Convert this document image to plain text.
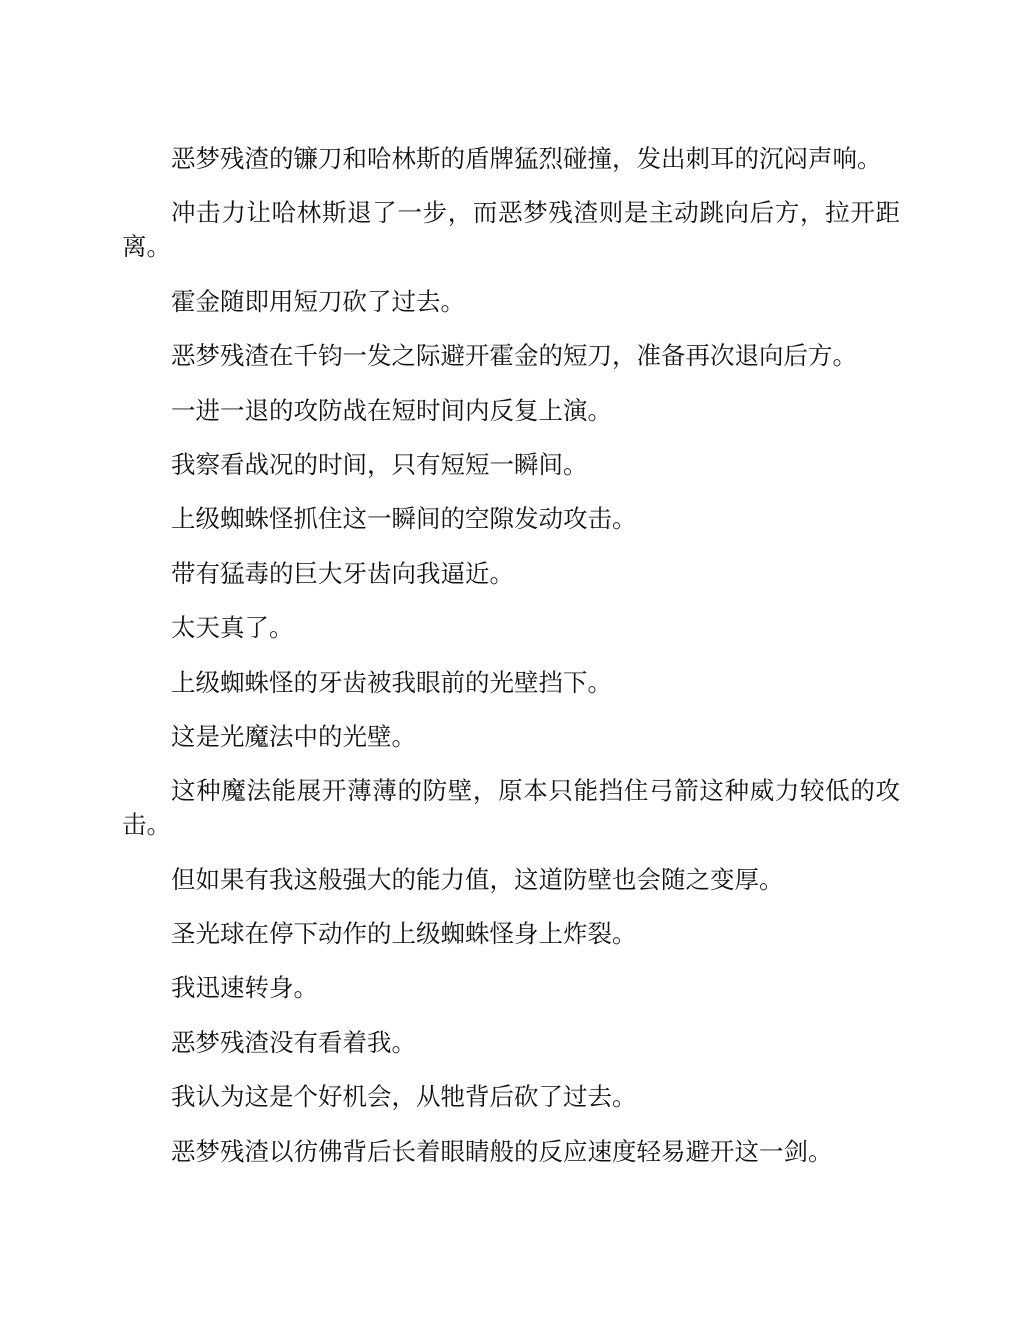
恶梦残渣的镰刀和哈林斯的盾牌猛烈碰撞，发出刺耳的沉闷声响。

冲击力让哈林斯退了一步，而恶梦残渣则是主动跳向后方，拉开距离。

霍金随即用短刀砍了过去。

恶梦残渣在千钧一发之际避开霍金的短刀，准备再次退向后方。

一进一退的攻防战在短时间内反复上演。

我察看战况的时间，只有短短一瞬间。

上级蜘蛛怪抓住这一瞬间的空隙发动攻击。

带有猛毒的巨大牙齿向我逼近。

太天真了。

上级蜘蛛怪的牙齿被我眼前的光壁挡下。

这是光魔法中的光壁。

这种魔法能展开薄薄的防壁，原本只能挡住弓箭这种威力较低的攻击。

但如果有我这般强大的能力值，这道防壁也会随之变厚。

圣光球在停下动作的上级蜘蛛怪身上炸裂。

我迅速转身。

恶梦残渣没有看着我。

我认为这是个好机会，从牠背后砍了过去。

恶梦残渣以彷佛背后长着眼睛般的反应速度轻易避开这一剑。
